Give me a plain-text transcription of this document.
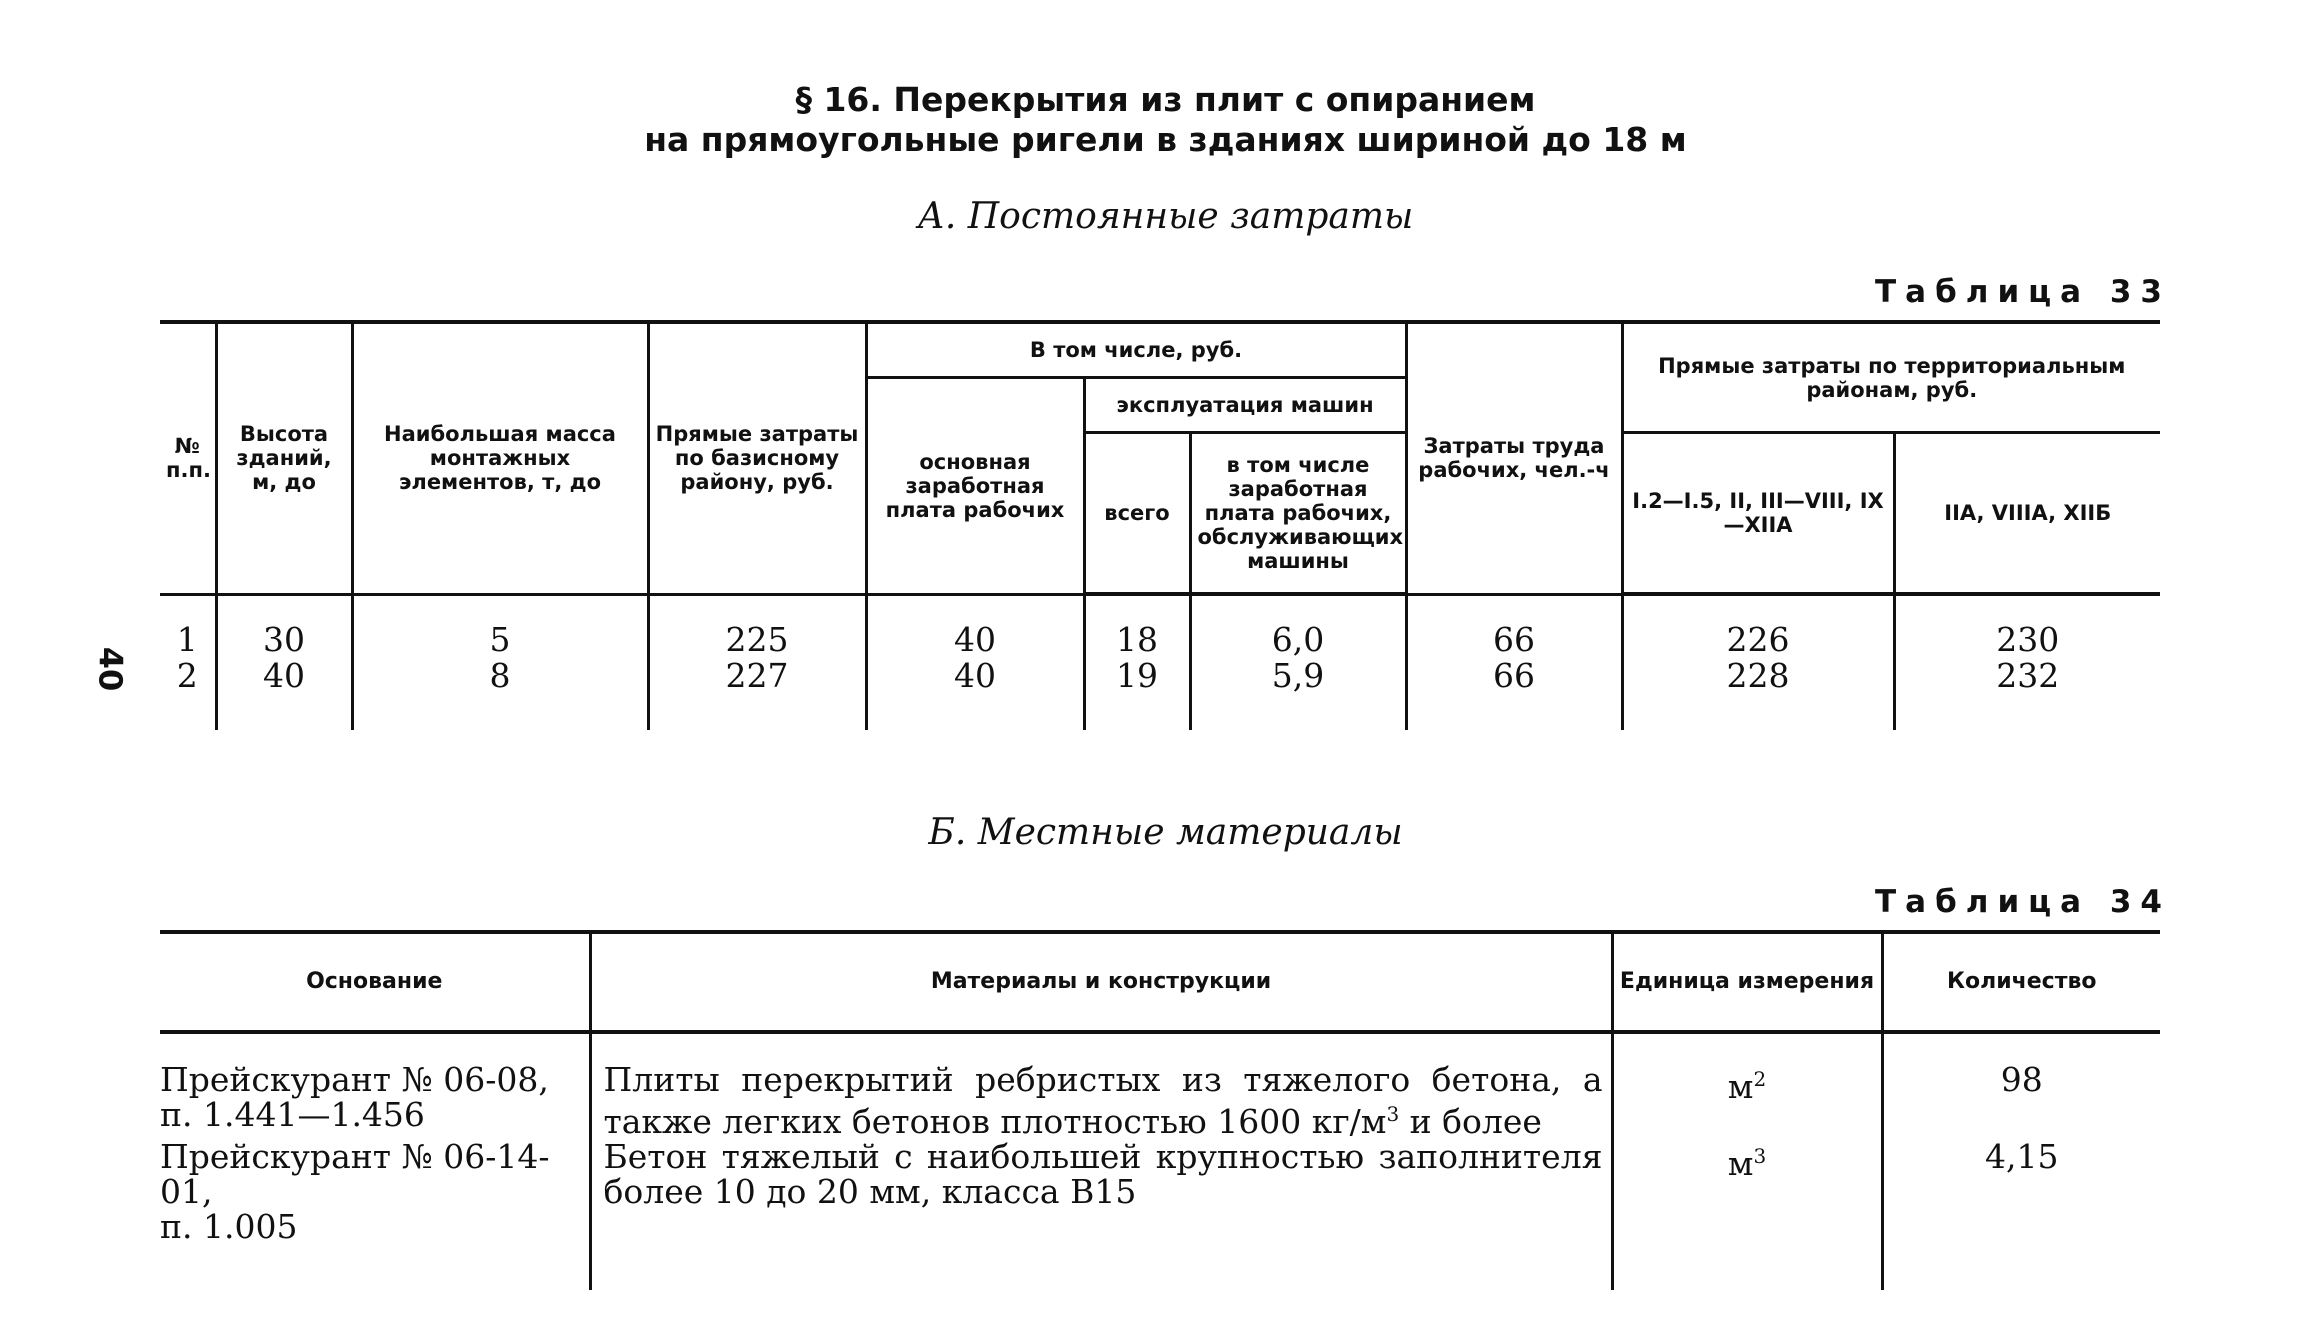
§ 16. Перекрытия из плит с опиранием
на прямоугольные ригели в зданиях шириной до 18 м
А. Постоянные затраты
Таблица 33
40
№ п.п.	Высота зданий, м, до	Наибольшая масса монтажных элементов, т, до	Прямые затраты по базисному району, руб.	В том числе, руб.			Затраты труда рабочих, чел.-ч	Прямые затраты по территориальным районам, руб.	
				основная заработная плата рабочих	эксплуатация машин				
					всего	в том числе заработная плата рабочих, обслуживающих машины		I.2—I.5, II, III—VIII, IX—XIIA	IIA, VIIIA, XIIБ
1	30	5	225	40	18	6,0	66	226	230
2	40	8	227	40	19	5,9	66	228	232
Б. Местные материалы
Таблица 34
Основание	Материалы и конструкции	Единица измерения	Количество

Прейскурант № 06-08,
п. 1.441—1.456	Плиты перекрытий ребристых из тяжелого бетона, а также легких бетонов плотностью 1600 $кг/м^3$ и более	$м^2$	98

Прейскурант № 06-14-01,
п. 1.005	Бетон тяжелый с наибольшей крупностью заполнителя более 10 до 20 мм, класса В15	$м^3$	4,15
